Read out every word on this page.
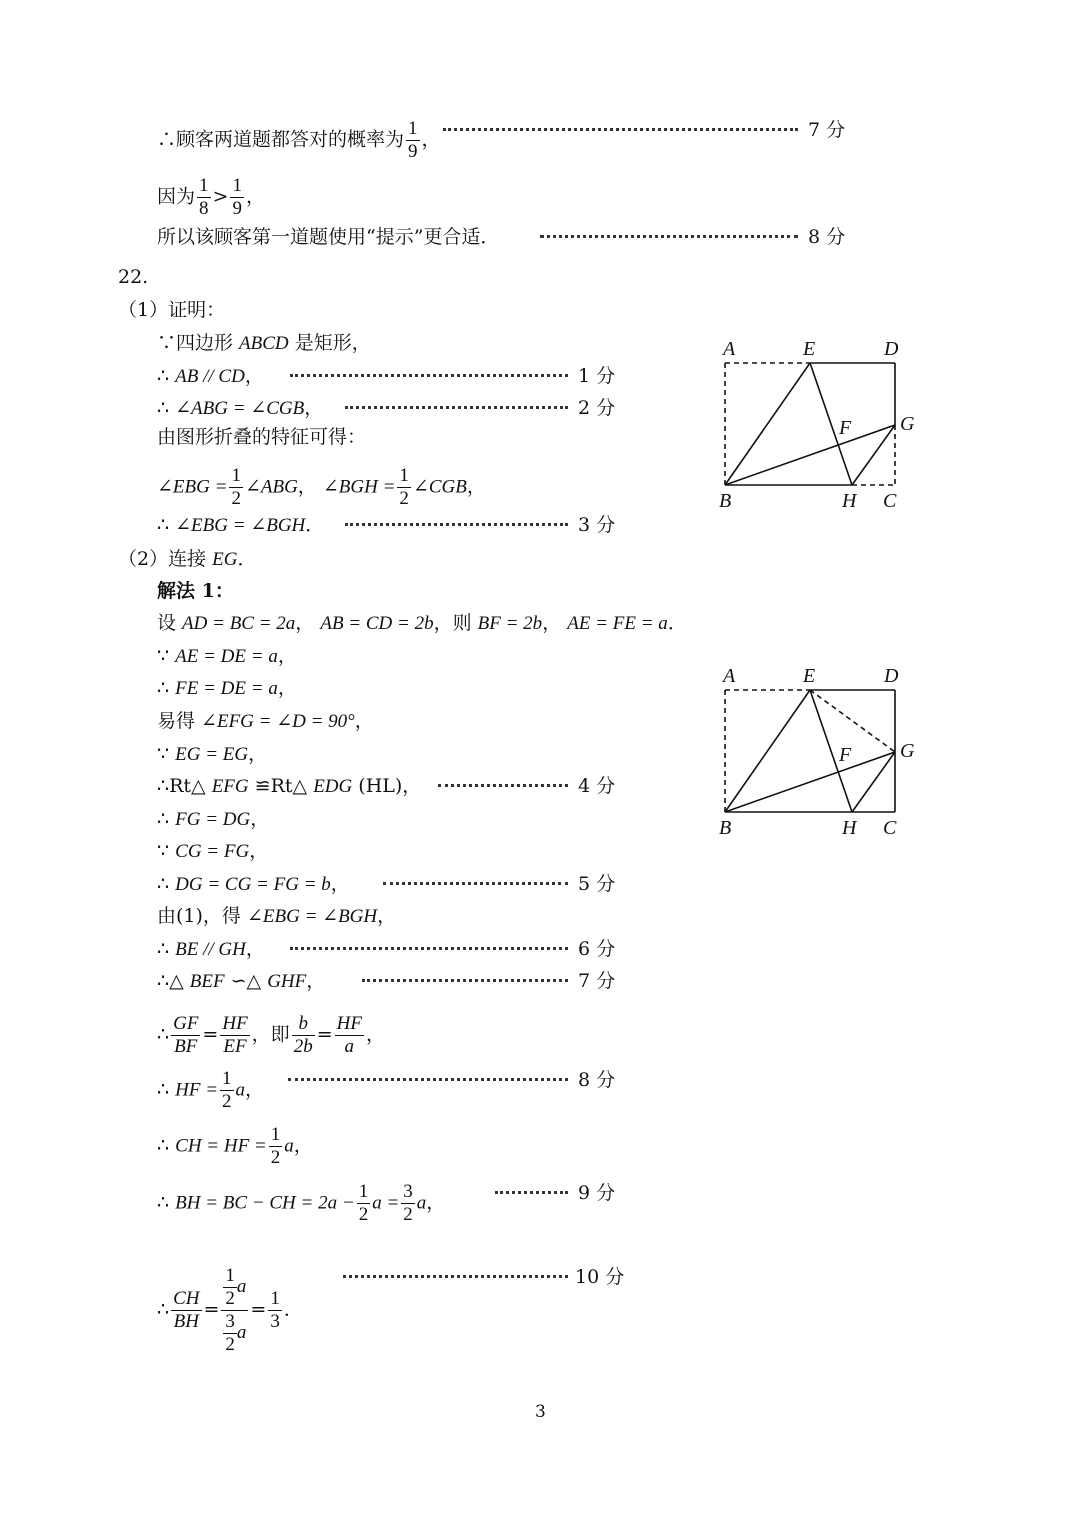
∴顾客两道题都答对的概率为 $\frac{1}{9}$ ，	7 分
因为 $\frac{1}{8} > \frac{1}{9}$ ，
所以该顾客第一道题使用“提示”更合适．	8 分
22.
（1）证明：
∵四边形 ABCD 是矩形，
∴ AB // CD，	1 分
∴ ∠ABG = ∠CGB，	2 分
由图形折叠的特征可得：
∠EBG = $\frac{1}{2}$ ∠ABG， ∠BGH = $\frac{1}{2}$ ∠CGB，
∴ ∠EBG = ∠BGH．	3 分
（2）连接 EG．
解法 1：
设 AD = BC = 2a， AB = CD = 2b，则 BF = 2b， AE = FE = a．
∵ AE = DE = a，
∴ FE = DE = a，
易得 ∠EFG = ∠D = 90°，
∵ EG = EG，
∴Rt△ EFG ≌Rt△ EDG (HL)，	4 分
∴ FG = DG，
∵ CG = FG，
∴ DG = CG = FG = b，	5 分
由(1)，得 ∠EBG = ∠BGH，
∴ BE // GH，	6 分
∴△ BEF ∽△ GHF，	7 分
∴ $\frac{GF}{BF} = \frac{HF}{EF}$ ，即 $\frac{b}{2b} = \frac{HF}{a}$ ，
∴ HF = $\frac{1}{2}$ a，	8 分
∴ CH = HF = $\frac{1}{2}$ a，
∴ BH = BC − CH = $2a - \frac{1}{2}$ $a = \frac{3}{2}$ a，	9 分
∴ $\frac{CH}{BH} = \frac{\frac{1}{2} a}{\frac{3}{2} a} = \frac{1}{3}$ ．
10 分
A	E	D
F G
B	H C
A	E	D
F G
B	H C
3
